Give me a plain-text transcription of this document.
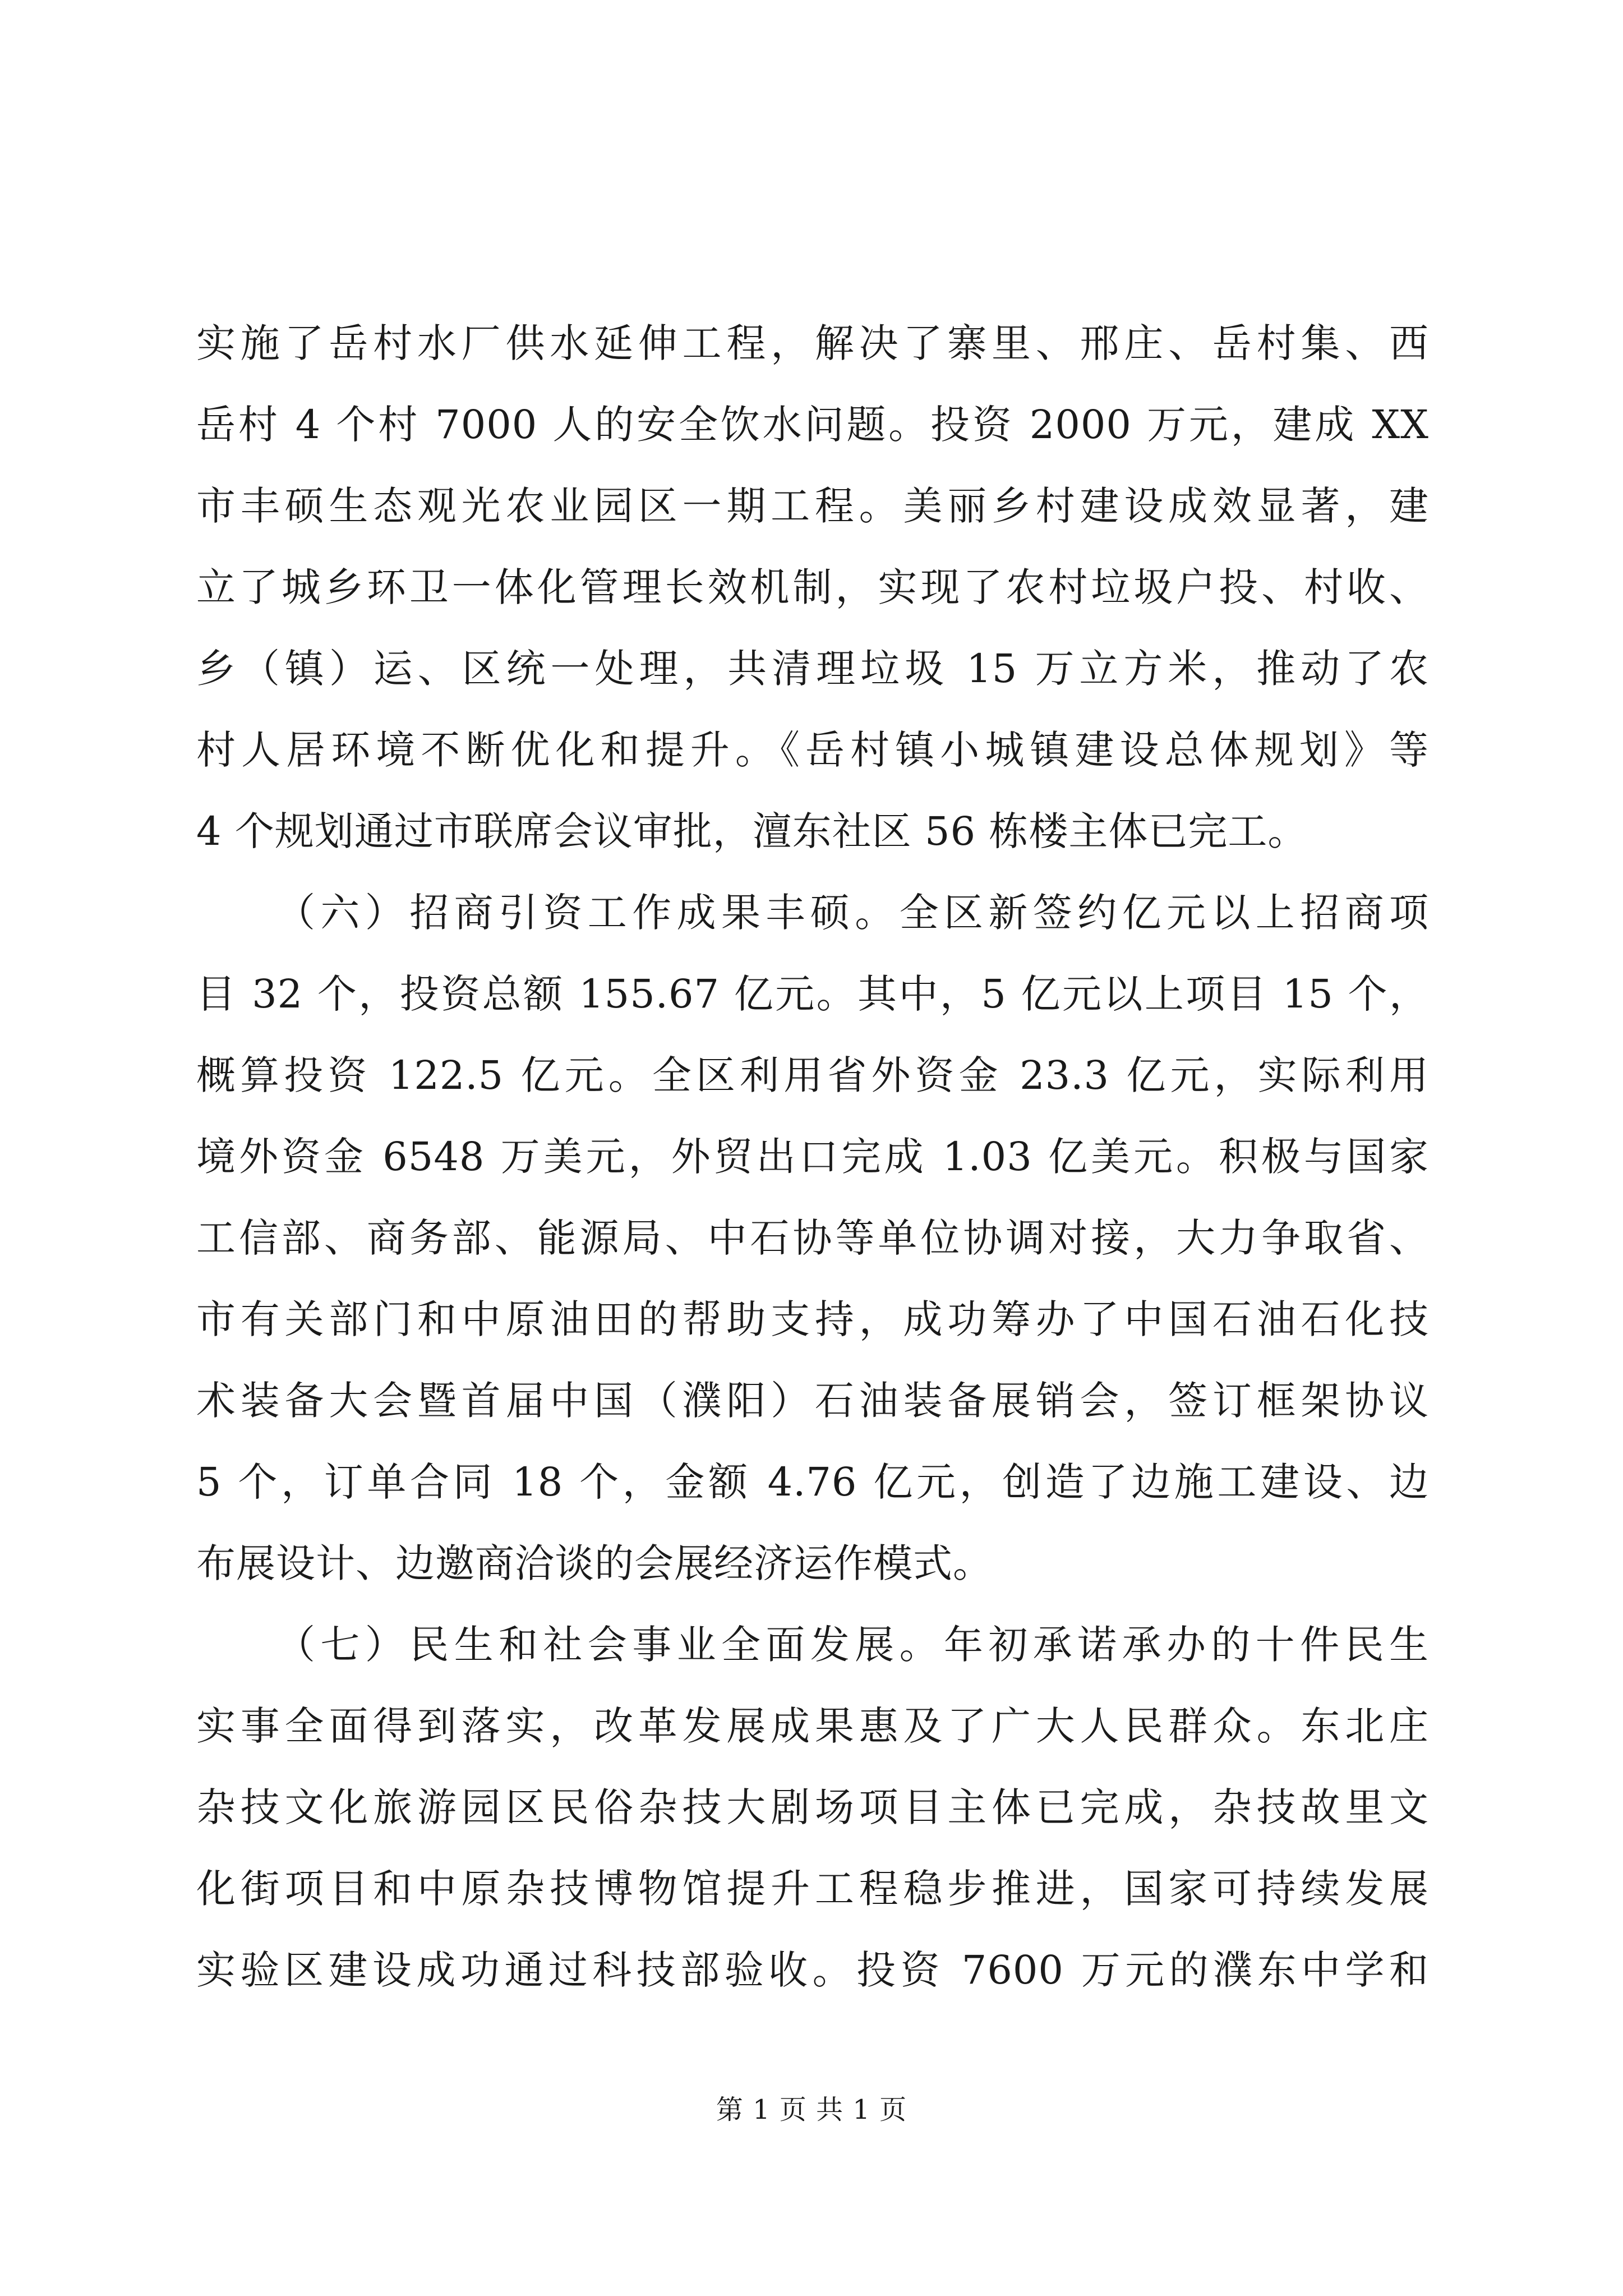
实施了岳村水厂供水延伸工程，解决了寨里、邢庄、岳村集、西
岳村 4 个村 7000 人的安全饮水问题。投资 2000 万元，建成 XX
市丰硕生态观光农业园区一期工程。美丽乡村建设成效显著，建
立了城乡环卫一体化管理长效机制，实现了农村垃圾户投、村收、
乡（镇）运、区统一处理，共清理垃圾 15 万立方米，推动了农
村人居环境不断优化和提升。《岳村镇小城镇建设总体规划》等
4 个规划通过市联席会议审批，澶东社区 56 栋楼主体已完工。
（六）招商引资工作成果丰硕。全区新签约亿元以上招商项
目 32 个，投资总额 155.67 亿元。其中，5 亿元以上项目 15 个，
概算投资 122.5 亿元。全区利用省外资金 23.3 亿元，实际利用
境外资金 6548 万美元，外贸出口完成 1.03 亿美元。积极与国家
工信部、商务部、能源局、中石协等单位协调对接，大力争取省、
市有关部门和中原油田的帮助支持，成功筹办了中国石油石化技
术装备大会暨首届中国（濮阳）石油装备展销会，签订框架协议
5 个，订单合同 18 个，金额 4.76 亿元，创造了边施工建设、边
布展设计、边邀商洽谈的会展经济运作模式。
（七）民生和社会事业全面发展。年初承诺承办的十件民生
实事全面得到落实，改革发展成果惠及了广大人民群众。东北庄
杂技文化旅游园区民俗杂技大剧场项目主体已完成，杂技故里文
化街项目和中原杂技博物馆提升工程稳步推进，国家可持续发展
实验区建设成功通过科技部验收。投资 7600 万元的濮东中学和
第 1 页 共 1 页
